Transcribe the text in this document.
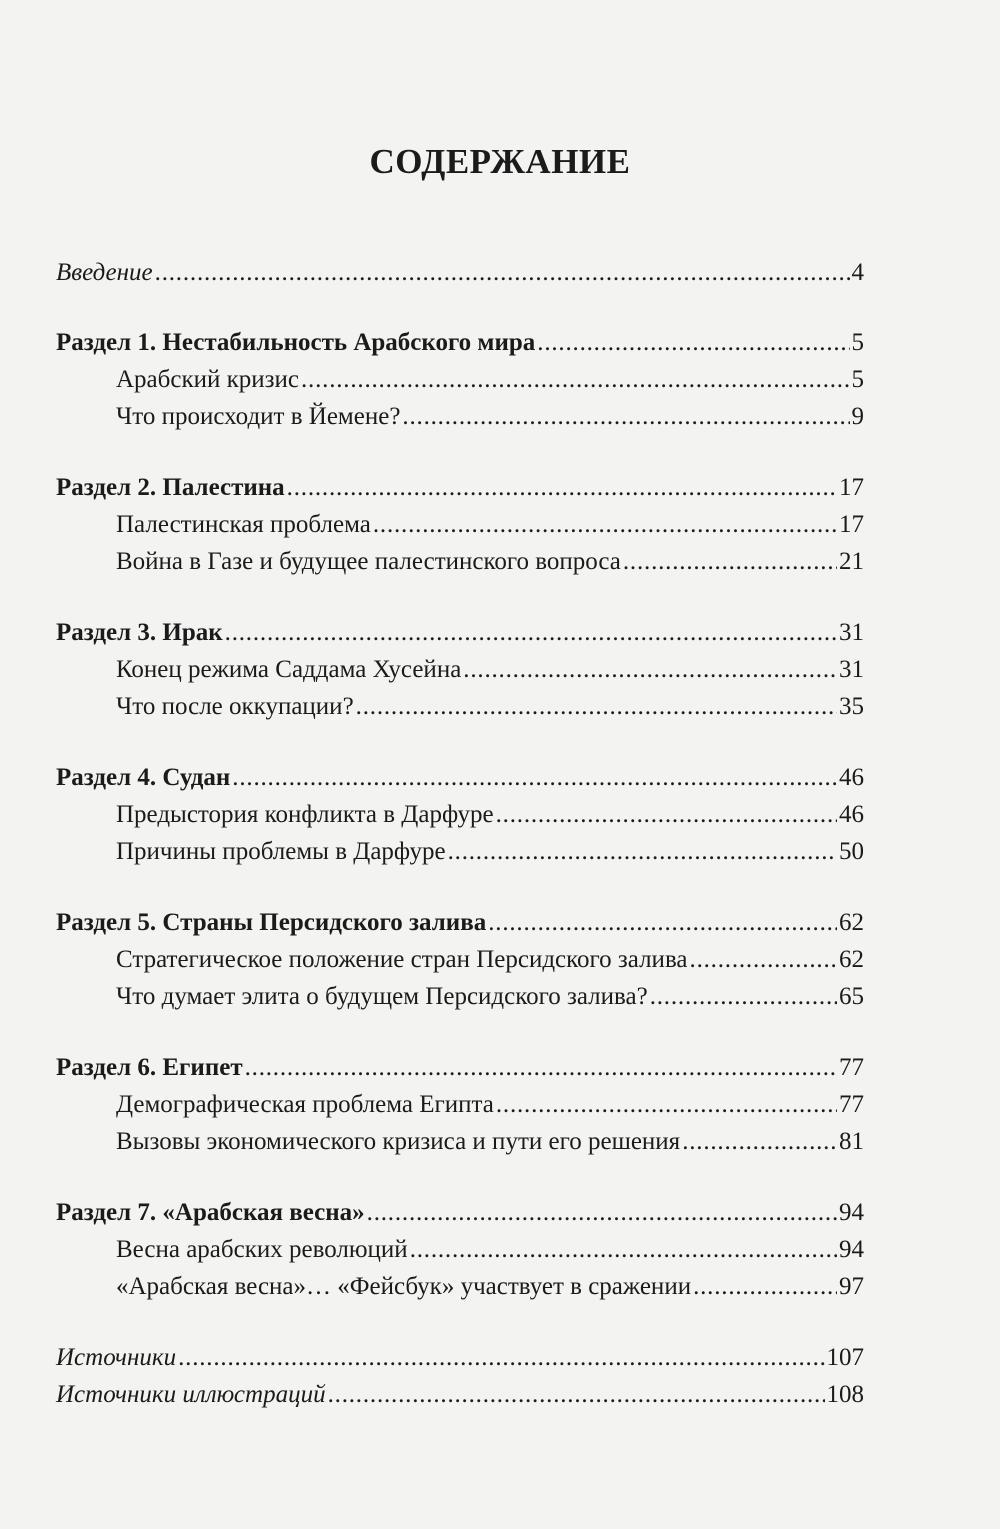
СОДЕРЖАНИЕ
Введение .....	4
Раздел 1. Нестабильность Арабского мира .....	5
Арабский кризис .....	5
Что происходит в Йемене? .....	9
Раздел 2. Палестина .....	17
Палестинская проблема .....	17
Война в Газе и будущее палестинского вопроса .....	21
Раздел 3. Ирак .....	31
Конец режима Саддама Хусейна .....	31
Что после оккупации? .....	35
Раздел 4. Судан .....	46
Предыстория конфликта в Дарфуре .....	46
Причины проблемы в Дарфуре .....	50
Раздел 5. Страны Персидского залива .....	62
Стратегическое положение стран Персидского залива .....	62
Что думает элита о будущем Персидского залива? .....	65
Раздел 6. Египет .....	77
Демографическая проблема Египта .....	77
Вызовы экономического кризиса и пути его решения .....	81
Раздел 7. «Арабская весна» .....	94
Весна арабских революций .....	94
«Арабская весна»… «Фейсбук» участвует в сражении .....	97
Источники .....	107
Источники иллюстраций .....	108
